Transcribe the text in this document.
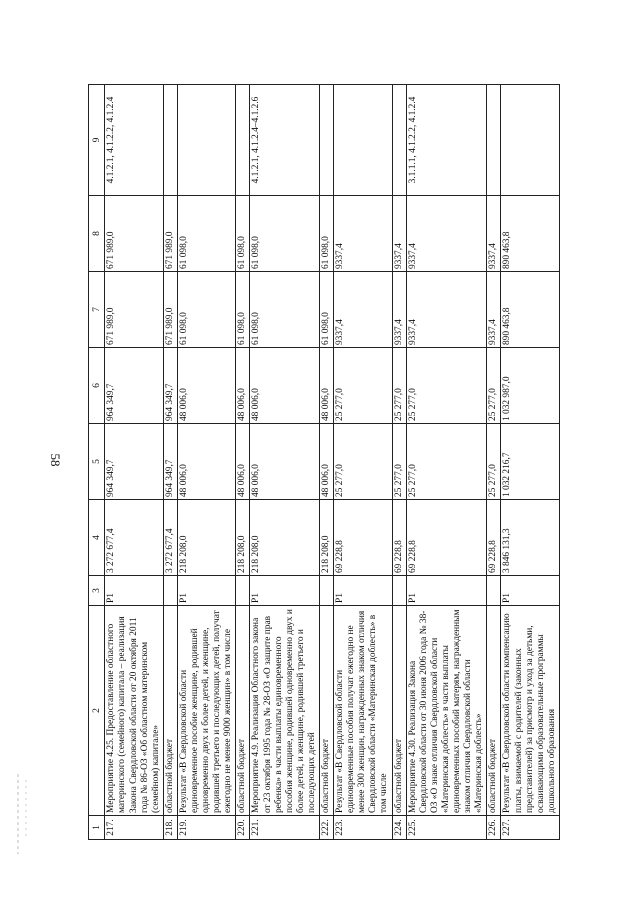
58
1	2	3	4	5	6	7	8	9
217.	Мероприятие 4.25. Предоставление областного материнского (семейного) капитала – реализация Закона Свердловской области от 20 октября 2011 года № 86-ОЗ «Об областном материнском (семейном) капитале»	Р1	3 272 677,4	964 349,7	964 349,7	671 989,0	671 989,0	4.1.2.1, 4.1.2.2, 4.1.2.4
218.	областной бюджет		3 272 677,4	964 349,7	964 349,7	671 989,0	671 989,0	
219.	Результат «В Свердловской области единовременное пособие женщине, родившей одновременно двух и более детей, и женщине, родившей третьего и последующих детей, получат ежегодно не менее 9000 женщин» в том числе	Р1	218 208,0	48 006,0	48 006,0	61 098,0	61 098,0	
220.	областной бюджет		218 208,0	48 006,0	48 006,0	61 098,0	61 098,0	
221.	Мероприятие 4.9. Реализация Областного закона от 23 октября 1995 года № 28-ОЗ «О защите прав ребенка» в части выплаты единовременного пособия женщине, родившей одновременно двух и более детей, и женщине, родившей третьего и последующих детей	Р1	218 208,0	48 006,0	48 006,0	61 098,0	61 098,0	4.1.2.1, 4.1.2.4–4.1.2.6
222.	областной бюджет		218 208,0	48 006,0	48 006,0	61 098,0	61 098,0	
223.	Результат «В Свердловской области единовременные пособия получат ежегодно не менее 300 женщин, награжденных знаком отличия Свердловской области «Материнская доблесть» в том числе	Р1	69 228,8	25 277,0	25 277,0	9337,4	9337,4	
224.	областной бюджет		69 228,8	25 277,0	25 277,0	9337,4	9337,4	
225.	Мероприятие 4.30. Реализация Закона Свердловской области от 30 июня 2006 года № 38-ОЗ «О знаке отличия Свердловской области «Материнская доблесть» в части выплаты единовременных пособий матерям, награжденным знаком отличия Свердловской области «Материнская доблесть»	Р1	69 228,8	25 277,0	25 277,0	9337,4	9337,4	3.1.1.1, 4.1.2.2, 4.1.2.4
226.	областной бюджет		69 228,8	25 277,0	25 277,0	9337,4	9337,4	
227.	Результат «В Свердловской области компенсацию платы, взимаемой с родителей (законных представителей) за присмотр и уход за детьми, осваивающими образовательные программы дошкольного образования	Р1	3 846 131,3	1 032 216,7	1 032 987,0	890 463,8	890 463,8	
